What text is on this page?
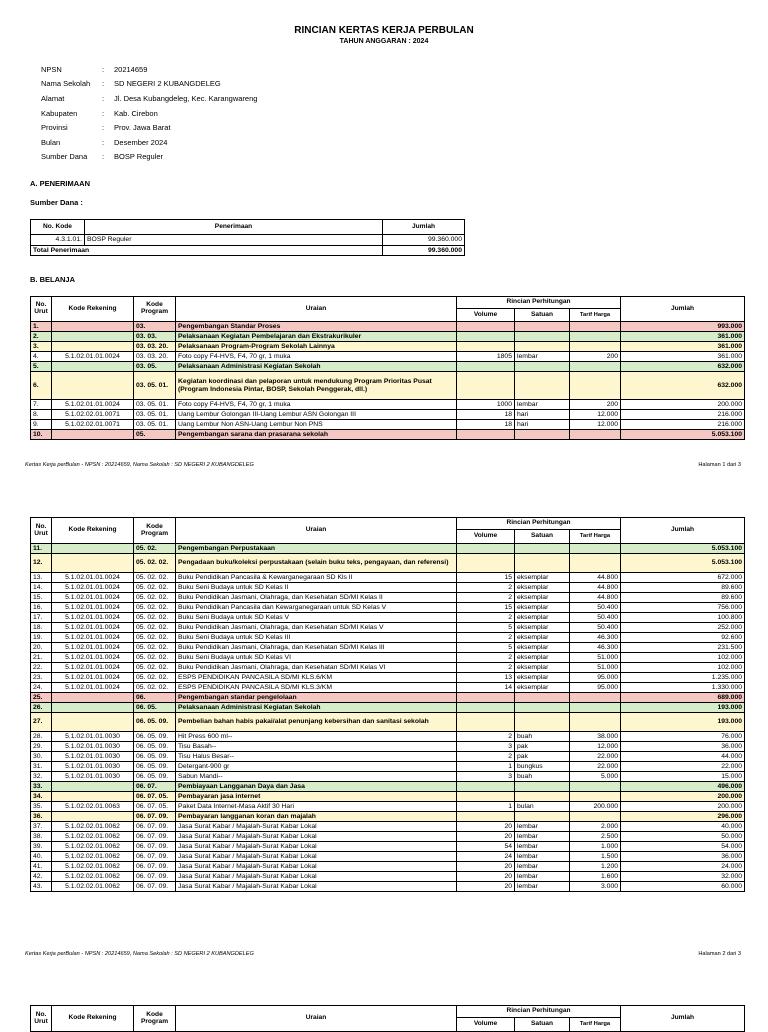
RINCIAN KERTAS KERJA PERBULAN
TAHUN ANGGARAN : 2024
NPSN	:	20214659
Nama Sekolah	:	SD NEGERI 2 KUBANGDELEG
Alamat	:	Jl. Desa Kubangdeleg, Kec. Karangwareng
Kabupaten	:	Kab. Cirebon
Provinsi	:	Prov. Jawa Barat
Bulan	:	Desember 2024
Sumber Dana	:	BOSP Reguler
A. PENERIMAAN
Sumber Dana :
No. Kode	Penerimaan	Jumlah
4.3.1.01.	BOSP Reguler	99.360.000
Total Penerimaan		99.360.000
B. BELANJA
No. Urut	Kode Rekening	Kode Program	Uraian	Rincian Perhitungan			Jumlah
				Volume	Satuan	Tarif Harga	
1.		03.	Pengembangan Standar Proses				993.000
2.		03. 03.	Pelaksanaan Kegiatan Pembelajaran dan Ekstrakurikuler				361.000
3.		03. 03. 20.	Pelaksanaan Program-Program Sekolah Lainnya				361.000
4.	5.1.02.01.01.0024	03. 03. 20.	Foto copy F4-HVS, F4, 70 gr, 1 muka	1805	lembar	200	361.000
5.		03. 05.	Pelaksanaan Administrasi Kegiatan Sekolah				632.000
6.		03. 05. 01.	Kegiatan koordinasi dan pelaporan untuk mendukung Program Prioritas Pusat (Program Indonesia Pintar, BOSP, Sekolah Penggerak, dll.)				632.000
7.	5.1.02.01.01.0024	03. 05. 01.	Foto copy F4-HVS, F4, 70 gr, 1 muka	1000	lembar	200	200.000
8.	5.1.02.02.01.0071	03. 05. 01.	Uang Lembur Golongan III-Uang Lembur ASN Golongan III	18	hari	12.000	216.000
9.	5.1.02.02.01.0071	03. 05. 01.	Uang Lembur Non ASN-Uang Lembur Non PNS	18	hari	12.000	216.000
10.		05.	Pengembangan sarana dan prasarana sekolah				5.053.100
Kertas Kerja perBulan - NPSN : 20214659, Nama Sekolah : SD NEGERI 2 KUBANGDELEG	Halaman 1 dari 3
No. Urut	Kode Rekening	Kode Program	Uraian	Rincian Perhitungan			Jumlah
				Volume	Satuan	Tarif Harga	
11.		05. 02.	Pengembangan Perpustakaan				5.053.100
12.		05. 02. 02.	Pengadaan buku/koleksi perpustakaan (selain buku teks, pengayaan, dan referensi)				5.053.100
13.	5.1.02.01.01.0024	05. 02. 02.	Buku Pendidikan Pancasila & Kewarganegaraan SD Kls II	15	eksemplar	44.800	672.000
14.	5.1.02.01.01.0024	05. 02. 02.	Buku Seni Budaya untuk SD Kelas II	2	eksemplar	44.800	89.600
15.	5.1.02.01.01.0024	05. 02. 02.	Buku Pendidikan Jasmani, Olahraga, dan Kesehatan SD/MI Kelas II	2	eksemplar	44.800	89.600
16.	5.1.02.01.01.0024	05. 02. 02.	Buku Pendidikan Pancasila dan Kewarganegaraan untuk SD Kelas V	15	eksemplar	50.400	756.000
17.	5.1.02.01.01.0024	05. 02. 02.	Buku Seni Budaya untuk SD Kelas V	2	eksemplar	50.400	100.800
18.	5.1.02.01.01.0024	05. 02. 02.	Buku Pendidikan Jasmani, Olahraga, dan Kesehatan SD/MI Kelas V	5	eksemplar	50.400	252.000
19.	5.1.02.01.01.0024	05. 02. 02.	Buku Seni Budaya untuk SD Kelas III	2	eksemplar	46.300	92.600
20.	5.1.02.01.01.0024	05. 02. 02.	Buku Pendidikan Jasmani, Olahraga, dan Kesehatan SD/MI Kelas III	5	eksemplar	46.300	231.500
21.	5.1.02.01.01.0024	05. 02. 02.	Buku Seni Budaya untuk SD Kelas VI	2	eksemplar	51.000	102.000
22.	5.1.02.01.01.0024	05. 02. 02.	Buku Pendidikan Jasmani, Olahraga, dan Kesehatan SD/MI Kelas VI	2	eksemplar	51.000	102.000
23.	5.1.02.01.01.0024	05. 02. 02.	ESPS PENDIDIKAN PANCASILA SD/MI KLS.6/KM	13	eksemplar	95.000	1.235.000
24.	5.1.02.01.01.0024	05. 02. 02.	ESPS PENDIDIKAN PANCASILA SD/MI KLS.3/KM	14	eksemplar	95.000	1.330.000
25.		06.	Pengembangan standar pengelolaan				689.000
26.		06. 05.	Pelaksanaan Administrasi Kegiatan Sekolah				193.000
27.		06. 05. 09.	Pembelian bahan habis pakai/alat penunjang kebersihan dan sanitasi sekolah				193.000
28.	5.1.02.01.01.0030	06. 05. 09.	Hit Press 600 ml--	2	buah	38.000	76.000
29.	5.1.02.01.01.0030	06. 05. 09.	Tisu Basah--	3	pak	12.000	36.000
30.	5.1.02.01.01.0030	06. 05. 09.	Tisu Halus Besar--	2	pak	22.000	44.000
31.	5.1.02.01.01.0030	06. 05. 09.	Detergant-900 gr	1	bungkus	22.000	22.000
32.	5.1.02.01.01.0030	06. 05. 09.	Sabun Mandi--	3	buah	5.000	15.000
33.		06. 07.	Pembiayaan Langganan Daya dan Jasa				496.000
34.		06. 07. 05.	Pembayaran jasa internet				200.000
35.	5.1.02.02.01.0063	06. 07. 05.	Paket Data Internet-Masa Aktif 30 Hari	1	bulan	200.000	200.000
36.		06. 07. 09.	Pembayaran langganan koran dan majalah				296.000
37.	5.1.02.02.01.0062	06. 07. 09.	Jasa Surat Kabar / Majalah-Surat Kabar Lokal	20	lembar	2.000	40.000
38.	5.1.02.02.01.0062	06. 07. 09.	Jasa Surat Kabar / Majalah-Surat Kabar Lokal	20	lembar	2.500	50.000
39.	5.1.02.02.01.0062	06. 07. 09.	Jasa Surat Kabar / Majalah-Surat Kabar Lokal	54	lembar	1.000	54.000
40.	5.1.02.02.01.0062	06. 07. 09.	Jasa Surat Kabar / Majalah-Surat Kabar Lokal	24	lembar	1.500	36.000
41.	5.1.02.02.01.0062	06. 07. 09.	Jasa Surat Kabar / Majalah-Surat Kabar Lokal	20	lembar	1.200	24.000
42.	5.1.02.02.01.0062	06. 07. 09.	Jasa Surat Kabar / Majalah-Surat Kabar Lokal	20	lembar	1.600	32.000
43.	5.1.02.02.01.0062	06. 07. 09.	Jasa Surat Kabar / Majalah-Surat Kabar Lokal	20	lembar	3.000	60.000
Kertas Kerja perBulan - NPSN : 20214659, Nama Sekolah : SD NEGERI 2 KUBANGDELEG	Halaman 2 dari 3
No. Urut	Kode Rekening	Kode Program	Uraian	Rincian Perhitungan			Jumlah
				Volume	Satuan	Tarif Harga	
